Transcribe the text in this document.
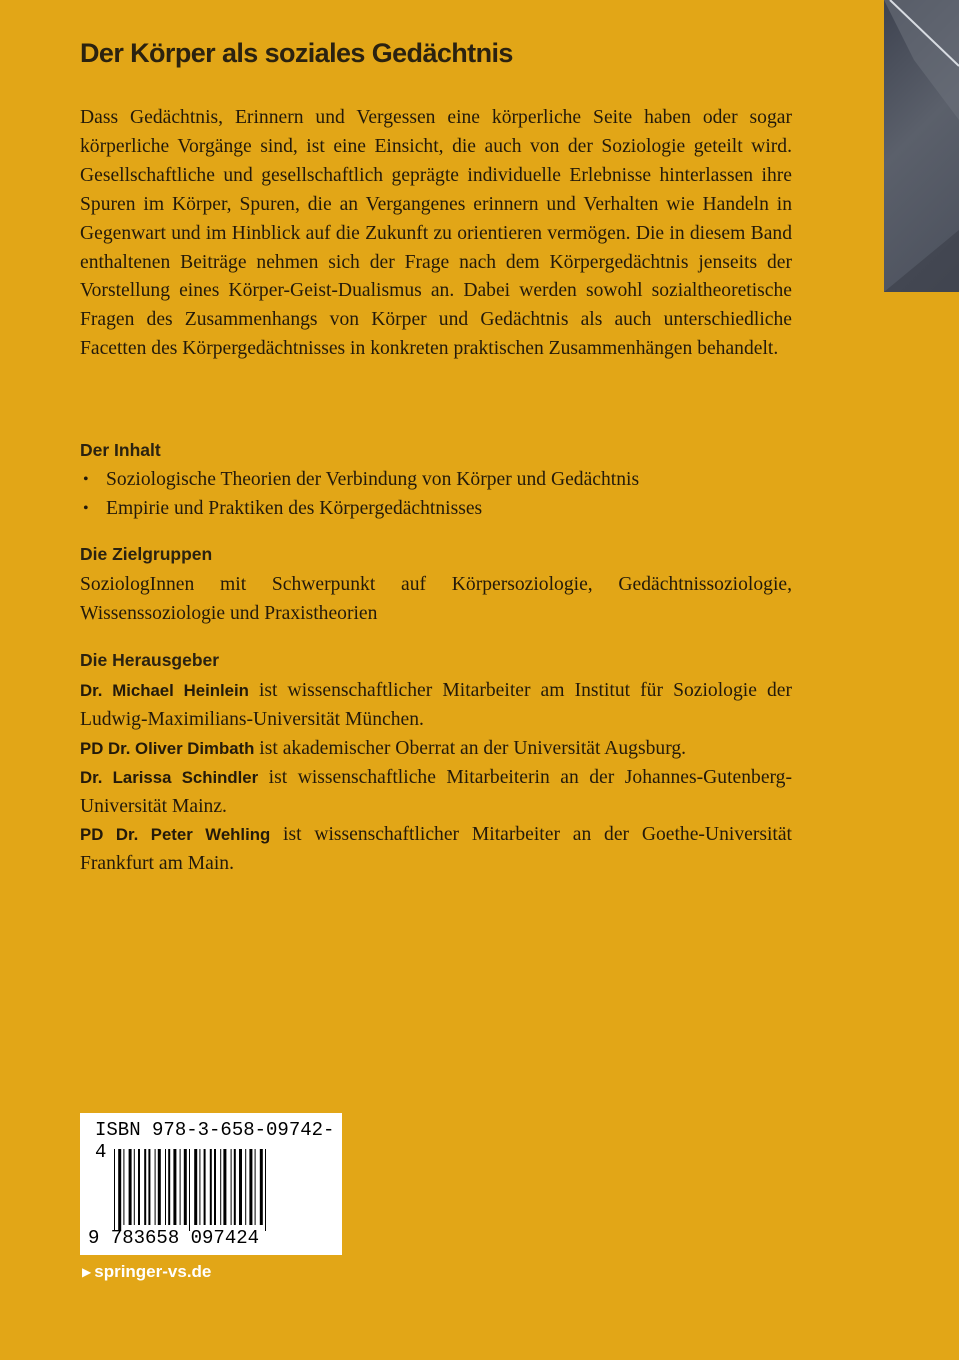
Der Körper als soziales Gedächtnis
Dass Gedächtnis, Erinnern und Vergessen eine körperliche Seite haben oder sogar körperliche Vorgänge sind, ist eine Einsicht, die auch von der Soziologie geteilt wird. Gesellschaftliche und gesellschaftlich geprägte individuelle Erlebnisse hinterlassen ihre Spuren im Körper, Spuren, die an Vergangenes erinnern und Verhalten wie Handeln in Gegenwart und im Hinblick auf die Zukunft zu orientieren vermögen. Die in diesem Band enthaltenen Beiträge nehmen sich der Frage nach dem Körpergedächtnis jenseits der Vorstellung eines Körper-Geist-Dualismus an. Dabei werden sowohl sozialtheoretische Fragen des Zusammenhangs von Körper und Gedächtnis als auch unterschiedliche Facetten des Körpergedächtnisses in konkreten praktischen Zusammenhängen behandelt.
Der Inhalt
• Soziologische Theorien der Verbindung von Körper und Gedächtnis
• Empirie und Praktiken des Körpergedächtnisses
Die Zielgruppen
SoziologInnen mit Schwerpunkt auf Körpersoziologie, Gedächtnissoziologie, Wissenssoziologie und Praxistheorien
Die Herausgeber
Dr. Michael Heinlein ist wissenschaftlicher Mitarbeiter am Institut für Soziologie der Ludwig-Maximilians-Universität München.
PD Dr. Oliver Dimbath ist akademischer Oberrat an der Universität Augsburg.
Dr. Larissa Schindler ist wissenschaftliche Mitarbeiterin an der Johannes-Gutenberg-Universität Mainz.
PD Dr. Peter Wehling ist wissenschaftlicher Mitarbeiter an der Goethe-Universität Frankfurt am Main.
ISBN 978-3-658-09742-4
9 783658 097424
▶ springer-vs.de
